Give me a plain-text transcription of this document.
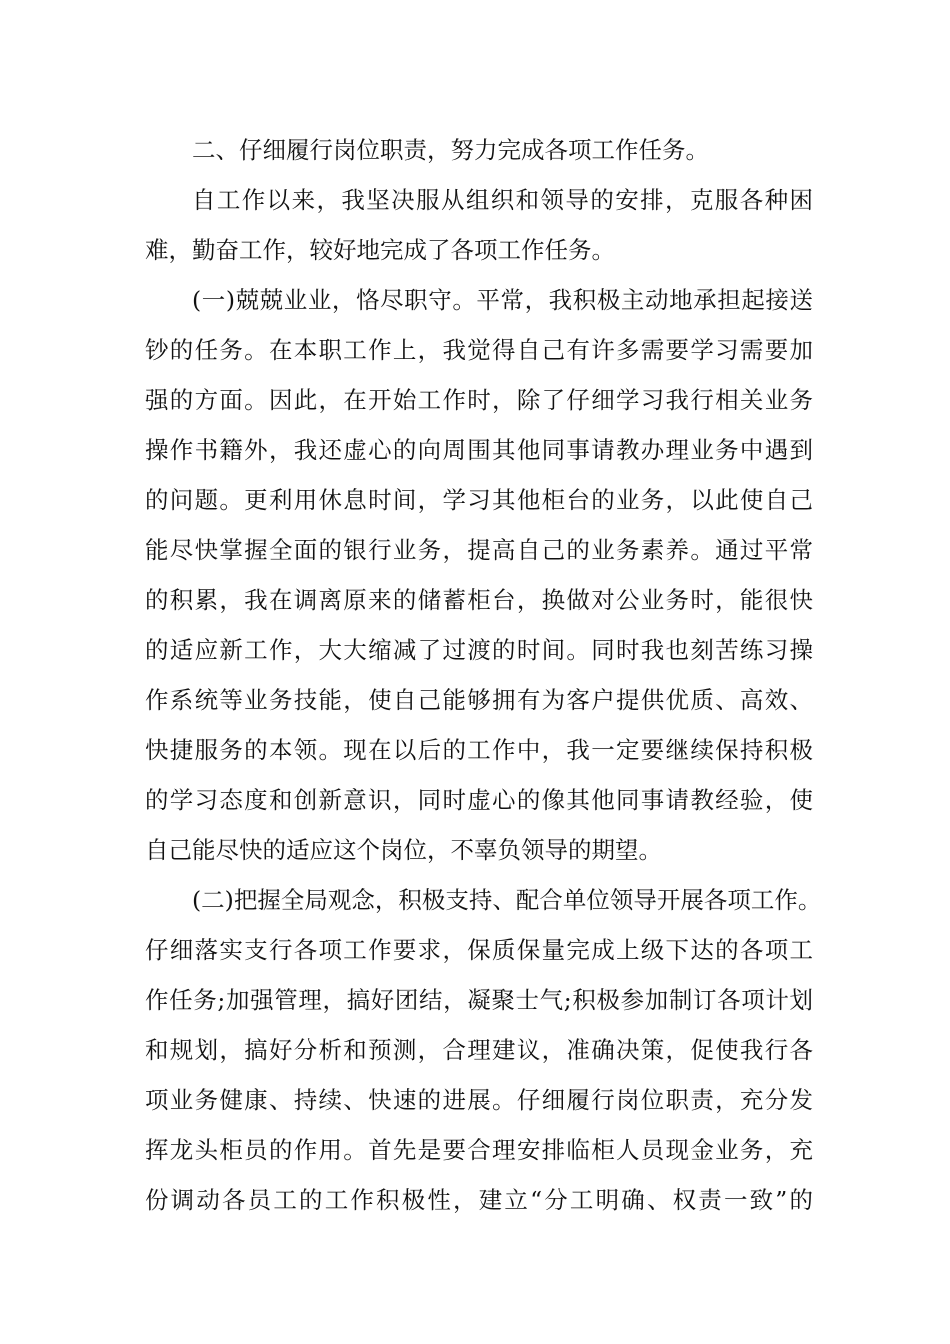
二、仔细履行岗位职责，努力完成各项工作任务。
自工作以来，我坚决服从组织和领导的安排，克服各种困
难，勤奋工作，较好地完成了各项工作任务。
(一)兢兢业业，恪尽职守。平常，我积极主动地承担起接送
钞的任务。在本职工作上，我觉得自己有许多需要学习需要加
强的方面。因此，在开始工作时，除了仔细学习我行相关业务
操作书籍外，我还虚心的向周围其他同事请教办理业务中遇到
的问题。更利用休息时间，学习其他柜台的业务，以此使自己
能尽快掌握全面的银行业务，提高自己的业务素养。通过平常
的积累，我在调离原来的储蓄柜台，换做对公业务时，能很快
的适应新工作，大大缩减了过渡的时间。同时我也刻苦练习操
作系统等业务技能，使自己能够拥有为客户提供优质、高效、
快捷服务的本领。现在以后的工作中，我一定要继续保持积极
的学习态度和创新意识，同时虚心的像其他同事请教经验，使
自己能尽快的适应这个岗位，不辜负领导的期望。
(二)把握全局观念，积极支持、配合单位领导开展各项工作。
仔细落实支行各项工作要求，保质保量完成上级下达的各项工
作任务;加强管理，搞好团结，凝聚士气;积极参加制订各项计划
和规划，搞好分析和预测，合理建议，准确决策，促使我行各
项业务健康、持续、快速的进展。仔细履行岗位职责，充分发
挥龙头柜员的作用。首先是要合理安排临柜人员现金业务，充
份调动各员工的工作积极性，建立“分工明确、权责一致”的
